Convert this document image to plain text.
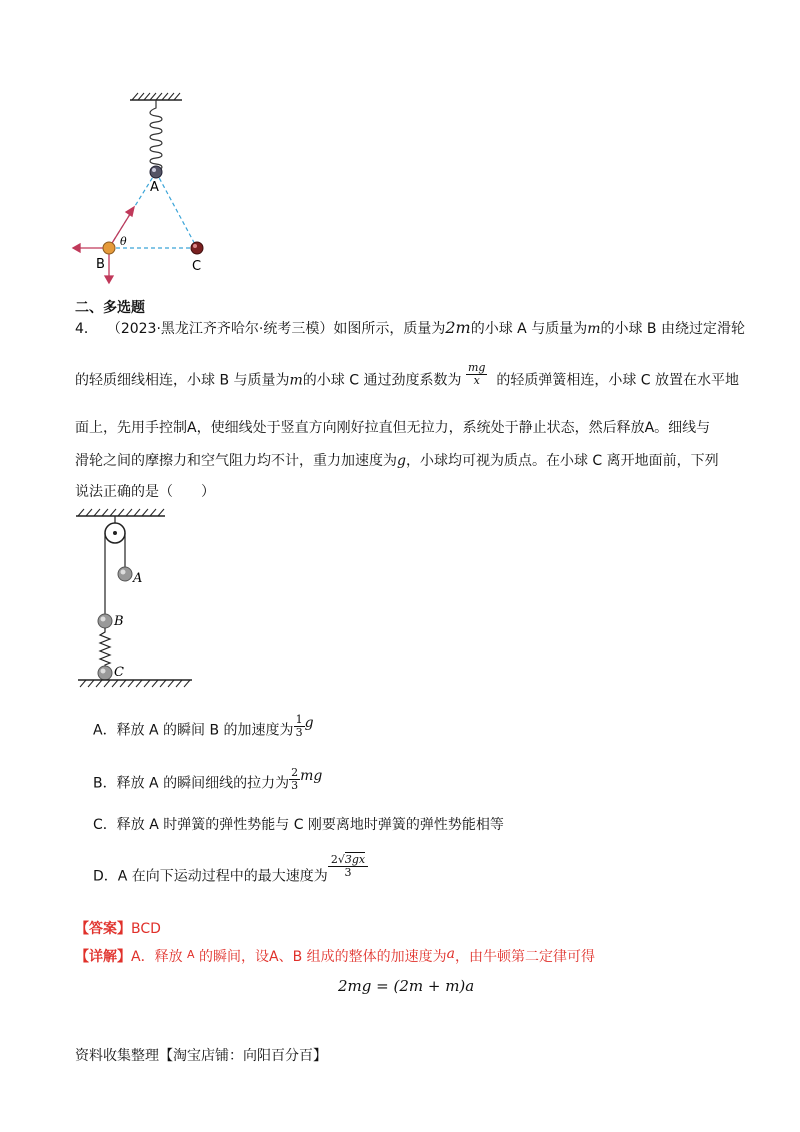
A
B	C
θ
二、多选题
4． （2023·黑龙江齐齐哈尔·统考三模）如图所示，质量为2m的小球 A 与质量为m的小球 B 由绕过定滑轮
的轻质细线相连，小球 B 与质量为m的小球 C 通过劲度系数为 $\frac{mg}{x}$ 的轻质弹簧相连，小球 C 放置在水平地
面上，先用手控制A，使细线处于竖直方向刚好拉直但无拉力，系统处于静止状态，然后释放A。细线与
滑轮之间的摩擦力和空气阻力均不计，重力加速度为g，小球均可视为质点。在小球 C 离开地面前，下列
说法正确的是（　　）
A
B
C
A．释放 A 的瞬间 B 的加速度为 $\frac{1}{3}$ g
B．释放 A 的瞬间细线的拉力为 $\frac{2}{3}$ mg
C．释放 A 时弹簧的弹性势能与 C 刚要离地时弹簧的弹性势能相等
D．A 在向下运动过程中的最大速度为 $\frac{2√3gx}{3}$
【答案】BCD
【详解】A．释放 $^A$ 的瞬间，设A、B 组成的整体的加速度为a，由牛顿第二定律可得
2mg = (2m + m)a
资料收集整理【淘宝店铺：向阳百分百】
